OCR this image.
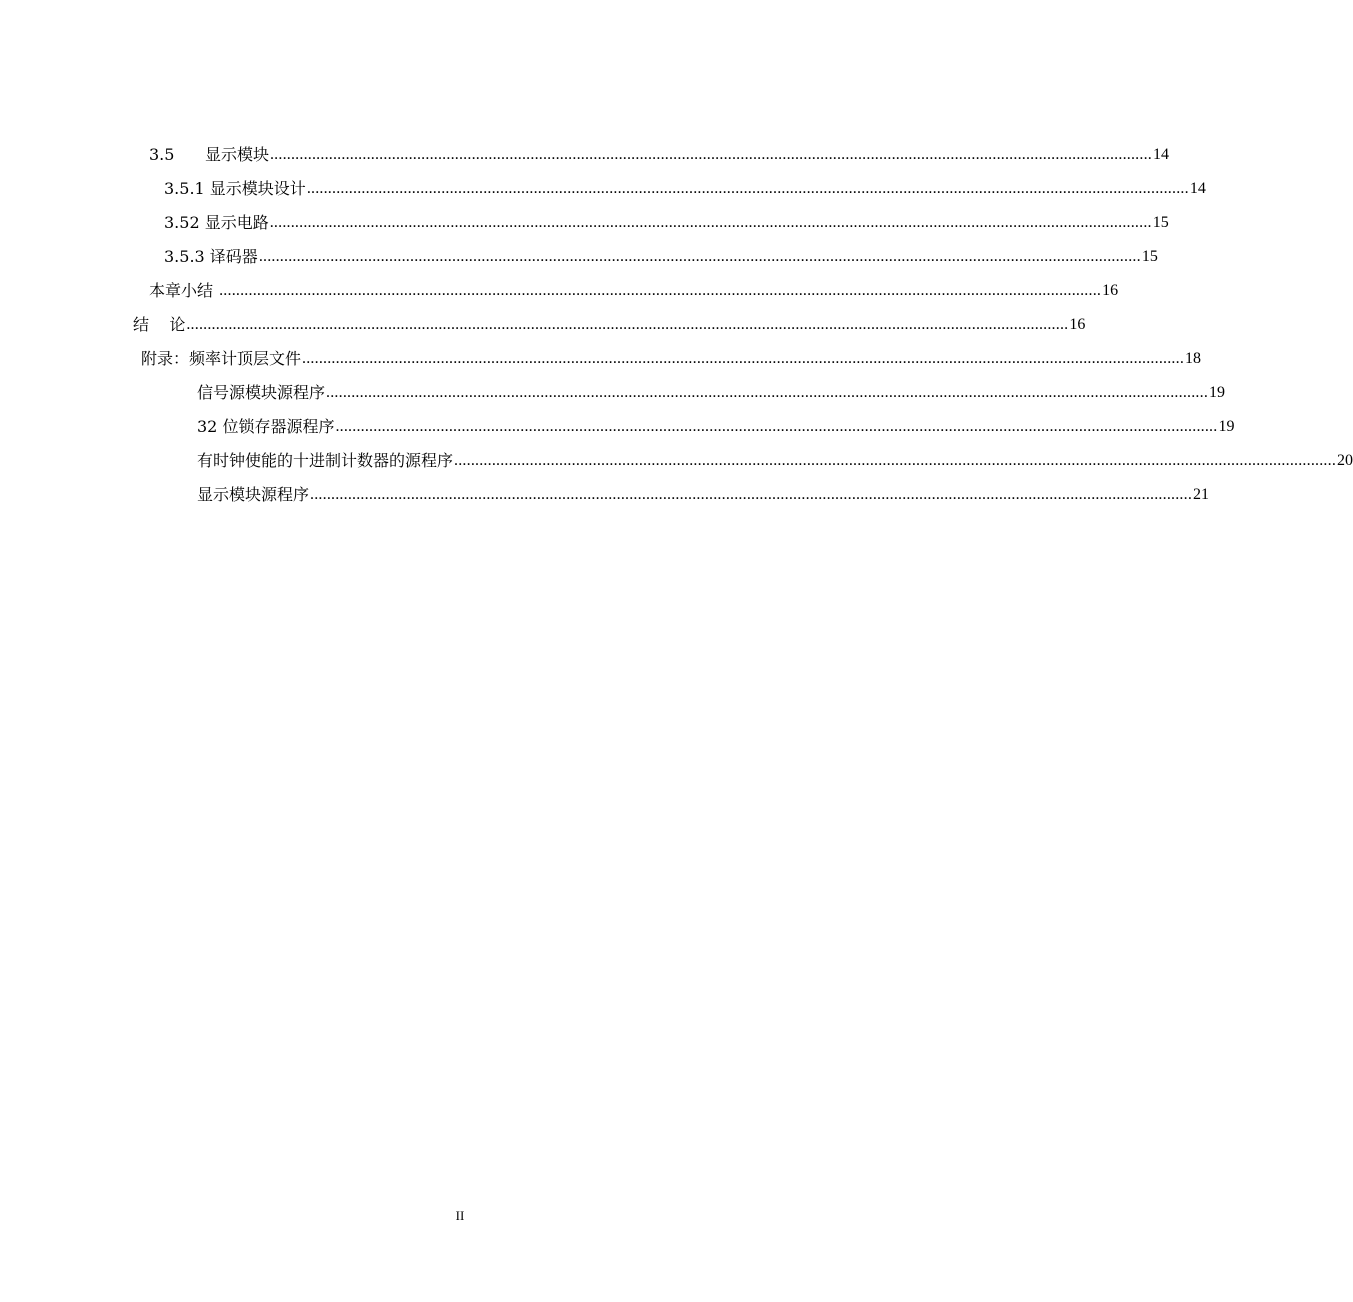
3.5      显示模块 .................................................................................................................................................................................................................. 14
3.5.1 显示模块设计 .................................................................................................................................................................................................................. 14
3.52 显示电路 .................................................................................................................................................................................................................. 15
3.5.3 译码器 .................................................................................................................................................................................................................. 15
本章小结 .................................................................................................................................................................................................................. 16
结    论 .................................................................................................................................................................................................................. 16
附录：频率计顶层文件 .................................................................................................................................................................................................................. 18
信号源模块源程序 .................................................................................................................................................................................................................. 19
32 位锁存器源程序 .................................................................................................................................................................................................................. 19
有时钟使能的十进制计数器的源程序 .................................................................................................................................................................................................................. 20
显示模块源程序 .................................................................................................................................................................................................................. 21
II
